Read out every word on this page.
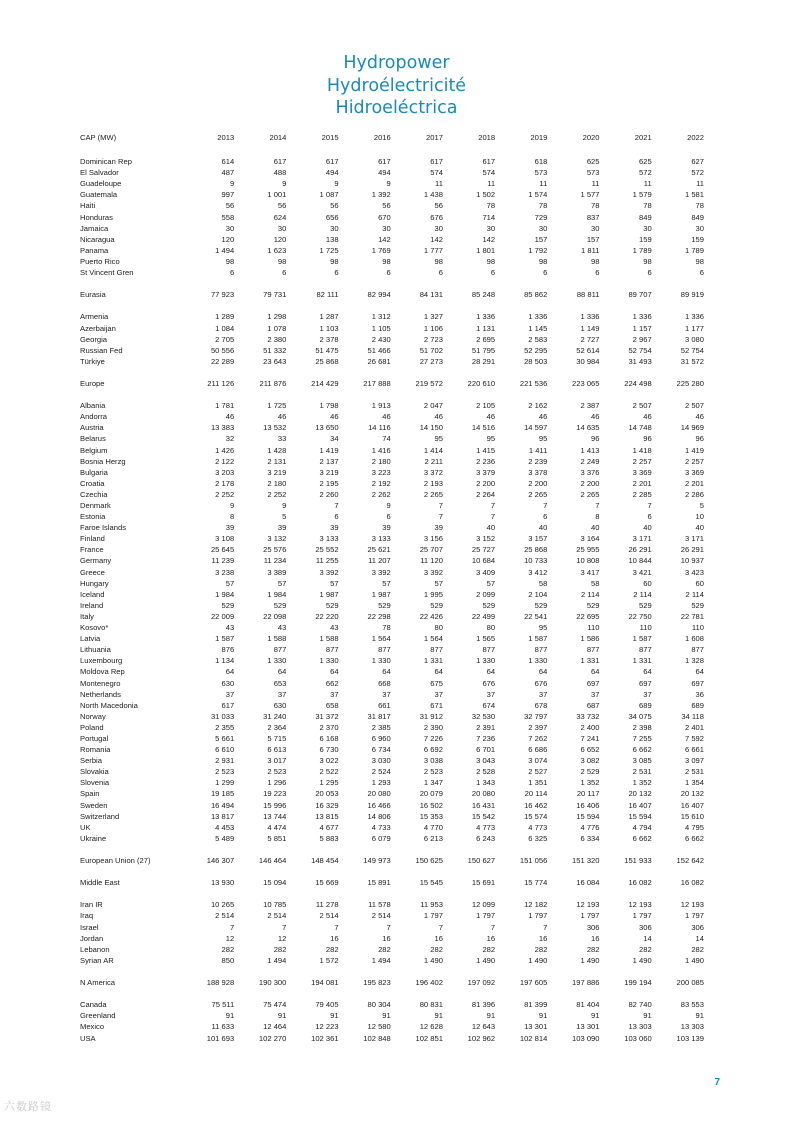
Hydropower
Hydroélectricité
Hidroeléctrica
CAP (MW)	2013	2014	2015	2016	2017	2018	2019	2020	2021	2022

Dominican Rep	614	617	617	617	617	617	618	625	625	627
El Salvador	487	488	494	494	574	574	573	573	572	572
Guadeloupe	9	9	9	9	11	11	11	11	11	11
Guatemala	997	1 001	1 087	1 392	1 438	1 502	1 574	1 577	1 579	1 581
Haiti	56	56	56	56	56	78	78	78	78	78
Honduras	558	624	656	670	676	714	729	837	849	849
Jamaica	30	30	30	30	30	30	30	30	30	30
Nicaragua	120	120	138	142	142	142	157	157	159	159
Panama	1 494	1 623	1 725	1 769	1 777	1 801	1 792	1 811	1 789	1 789
Puerto Rico	98	98	98	98	98	98	98	98	98	98
St Vincent Gren	6	6	6	6	6	6	6	6	6	6

Eurasia	77 923	79 731	82 111	82 994	84 131	85 248	85 862	88 811	89 707	89 919

Armenia	1 289	1 298	1 287	1 312	1 327	1 336	1 336	1 336	1 336	1 336
Azerbaijan	1 084	1 078	1 103	1 105	1 106	1 131	1 145	1 149	1 157	1 177
Georgia	2 705	2 380	2 378	2 430	2 723	2 695	2 583	2 727	2 967	3 080
Russian Fed	50 556	51 332	51 475	51 466	51 702	51 795	52 295	52 614	52 754	52 754
Türkiye	22 289	23 643	25 868	26 681	27 273	28 291	28 503	30 984	31 493	31 572

Europe	211 126	211 876	214 429	217 888	219 572	220 610	221 536	223 065	224 498	225 280

Albania	1 781	1 725	1 798	1 913	2 047	2 105	2 162	2 387	2 507	2 507
Andorra	46	46	46	46	46	46	46	46	46	46
Austria	13 383	13 532	13 650	14 116	14 150	14 516	14 597	14 635	14 748	14 969
Belarus	32	33	34	74	95	95	95	96	96	96
Belgium	1 426	1 428	1 419	1 416	1 414	1 415	1 411	1 413	1 418	1 419
Bosnia Herzg	2 122	2 131	2 137	2 180	2 211	2 236	2 239	2 249	2 257	2 257
Bulgaria	3 203	3 219	3 219	3 223	3 372	3 379	3 378	3 376	3 369	3 369
Croatia	2 178	2 180	2 195	2 192	2 193	2 200	2 200	2 200	2 201	2 201
Czechia	2 252	2 252	2 260	2 262	2 265	2 264	2 265	2 265	2 285	2 286
Denmark	9	9	7	9	7	7	7	7	7	5
Estonia	8	5	6	6	7	7	6	8	6	10
Faroe Islands	39	39	39	39	39	40	40	40	40	40
Finland	3 108	3 132	3 133	3 133	3 156	3 152	3 157	3 164	3 171	3 171
France	25 645	25 576	25 552	25 621	25 707	25 727	25 868	25 955	26 291	26 291
Germany	11 239	11 234	11 255	11 207	11 120	10 684	10 733	10 808	10 844	10 937
Greece	3 238	3 389	3 392	3 392	3 392	3 409	3 412	3 417	3 421	3 423
Hungary	57	57	57	57	57	57	58	58	60	60
Iceland	1 984	1 984	1 987	1 987	1 995	2 099	2 104	2 114	2 114	2 114
Ireland	529	529	529	529	529	529	529	529	529	529
Italy	22 009	22 098	22 220	22 298	22 426	22 499	22 541	22 695	22 750	22 781
Kosovo*	43	43	43	78	80	80	95	110	110	110
Latvia	1 587	1 588	1 588	1 564	1 564	1 565	1 587	1 586	1 587	1 608
Lithuania	876	877	877	877	877	877	877	877	877	877
Luxembourg	1 134	1 330	1 330	1 330	1 331	1 330	1 330	1 331	1 331	1 328
Moldova Rep	64	64	64	64	64	64	64	64	64	64
Montenegro	630	653	662	668	675	676	676	697	697	697
Netherlands	37	37	37	37	37	37	37	37	37	36
North Macedonia	617	630	658	661	671	674	678	687	689	689
Norway	31 033	31 240	31 372	31 817	31 912	32 530	32 797	33 732	34 075	34 118
Poland	2 355	2 364	2 370	2 385	2 390	2 391	2 397	2 400	2 398	2 401
Portugal	5 661	5 715	6 168	6 960	7 226	7 236	7 262	7 241	7 255	7 592
Romania	6 610	6 613	6 730	6 734	6 692	6 701	6 686	6 652	6 662	6 661
Serbia	2 931	3 017	3 022	3 030	3 038	3 043	3 074	3 082	3 085	3 097
Slovakia	2 523	2 523	2 522	2 524	2 523	2 528	2 527	2 529	2 531	2 531
Slovenia	1 299	1 296	1 295	1 293	1 347	1 343	1 351	1 352	1 352	1 354
Spain	19 185	19 223	20 053	20 080	20 079	20 080	20 114	20 117	20 132	20 132
Sweden	16 494	15 996	16 329	16 466	16 502	16 431	16 462	16 406	16 407	16 407
Switzerland	13 817	13 744	13 815	14 806	15 353	15 542	15 574	15 594	15 594	15 610
UK	4 453	4 474	4 677	4 733	4 770	4 773	4 773	4 776	4 794	4 795
Ukraine	5 489	5 851	5 883	6 079	6 213	6 243	6 325	6 334	6 662	6 662

European Union (27)	146 307	146 464	148 454	149 973	150 625	150 627	151 056	151 320	151 933	152 642

Middle East	13 930	15 094	15 669	15 891	15 545	15 691	15 774	16 084	16 082	16 082

Iran IR	10 265	10 785	11 278	11 578	11 953	12 099	12 182	12 193	12 193	12 193
Iraq	2 514	2 514	2 514	2 514	1 797	1 797	1 797	1 797	1 797	1 797
Israel	7	7	7	7	7	7	7	306	306	306
Jordan	12	12	16	16	16	16	16	16	14	14
Lebanon	282	282	282	282	282	282	282	282	282	282
Syrian AR	850	1 494	1 572	1 494	1 490	1 490	1 490	1 490	1 490	1 490

N America	188 928	190 300	194 081	195 823	196 402	197 092	197 605	197 886	199 194	200 085

Canada	75 511	75 474	79 405	80 304	80 831	81 396	81 399	81 404	82 740	83 553
Greenland	91	91	91	91	91	91	91	91	91	91
Mexico	11 633	12 464	12 223	12 580	12 628	12 643	13 301	13 301	13 303	13 303
USA	101 693	102 270	102 361	102 848	102 851	102 962	102 814	103 090	103 060	103 139
7
六数路镜
